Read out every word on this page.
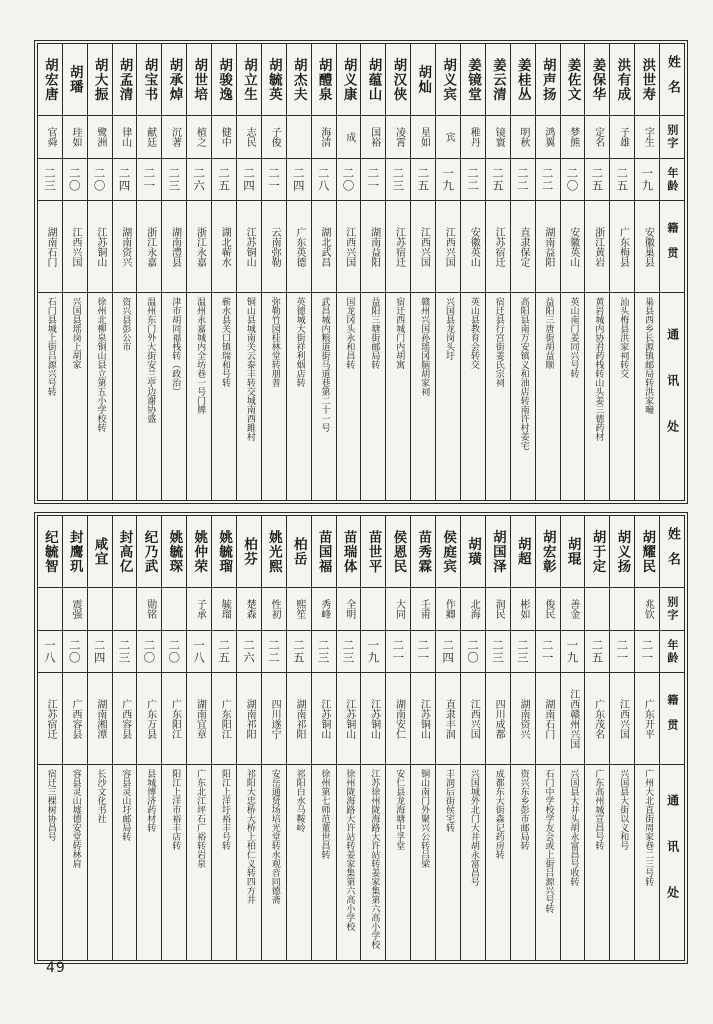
姓名
别字
年龄
籍贯
通讯处
洪世寿
字生
一九
安徽巢县
巢县西乡长源镇邮局转洪家疃
洪有成
子雄
二五
广东梅县
汕头梅县洪家祠转交
姜保华
定名
二五
浙江黄岩
黄岩城内协君药栈转山头姜三德药材
姜佐文
梦熊
二〇
安徽英山
英山南门姜同兴号转
胡声扬
鸿翼
二二
湖南益阳
益阳三唐街胡益顺
姜桂丛
明秋
二二
直隶保定
高阳县南万安镇义和油店转南许村姜宅
姜云清
镜寰
二五
江苏宿迁
宿迁县行宫街姜氏宗祠
姜镜堂
稚丹
二二
安徽英山
英山县教育会转交
胡义宾
宾
一九
江西兴国
兴国县龙岗头圩
胡灿
星如
二五
江西兴国
赣州兴国孙瑶冈脑胡家祠
胡汉侠
凌霄
二三
江苏宿迁
宿迁西城门内胡寓
胡蕴山
国裕
二一
湖南益阳
益阳三塘街邮局转
胡义康
成
二〇
江西兴国
国龙冈头永和昌转
胡醴泉
海清
二八
湖北武昌
武昌城内粮道街马道巷第二十一号
胡杰夫
二四
广东英德
英德城大街祥利烟店转
胡毓英
子俊
二一
云南弥勒
弥勒竹园桂林堂转朋普
胡立生
志民
二四
江苏铜山
铜山县城南关云泰丰转交城南西雎村
胡骏逸
健中
二五
湖北蕲水
蕲水县关口镇瑞和号转
胡世培
植之
二六
浙江永嘉
温州永嘉城内全坊巷一号门牌
胡承焯
沉著
二三
湖南澧县
津市胡同福栈转（政治）
胡宝书
献廷
二一
浙江永嘉
温州东门外大街安兰亭边谢协盛
胡孟清
律山
二四
湖南资兴
资兴县彭公市
胡大振
鹭洲
二〇
江苏铜山
徐州北柳泉铜山县立第五小学校转
胡璠
珪如
二〇
江西兴国
兴国县瑶岗上胡家
胡宏唐
官舜
二三
湖南石门
石门县城上街吕源兴号转
姓名
别字
年龄
籍贯
通讯处
胡耀民
兆钦
二一
广东开平
广州大北直街周家巷二三号转
胡义扬
二一
江西兴国
兴国县大街以义和号
胡于定
二五
广东茂名
广东高州城宣昌号转
胡琨
善金
一九
江西赣州兴国
兴国县大井头胡永富昌号收转
胡宏彰
俊民
二一
湖南石门
石门中学校学友会或上街吕源兴号转
胡超
彬如
二三
湖南资兴
资兴东乡彭市邮局转
胡国泽
润民
二三
四川成都
成都东大街森记药房转
胡璜
北海
二〇
江西兴国
兴国城外北门大井胡永富昌号
侯庭宾
作卿
二四
直隶丰润
丰润后街侯宅转
苗秀霖
壬甫
二一
江苏铜山
铜山南门外聚兴公转吕梁
侯恩民
大同
二一
湖南安仁
安仁县龙海塘中孚堂
苗世平
一九
江苏铜山
江苏徐州陇海路大许站转姜家集第六高小学校
苗瑞体
全明
二三
江苏铜山
徐州陇海路大许站转姜家集第六高小学校
苗国福
秀峰
二三
江苏铜山
徐州第七师范董世昌转
柏岳
熙笙
二五
湖南祁阳
祁阳白水马鞍岭
姚光熙
性初
二二
四川遂宁
安岳通贤场培光堂转水观音同德斋
柏芬
楚森
二六
湖南祁阳
祁阳大忠桥大桥上柏仁义转四方井
姚毓瑠
毓瑠
二五
广东阳江
阳江上洋圩裕丰号转
姚仲荣
子承
一八
湖南宜章
广东北江坪石广裕转岩泉
姚毓琛
二〇
广东阳江
阳江上洋市裕丰店转
纪乃武
勋铭
二〇
广东万县
县城博济药材转
封高亿
二三
广西容县
容县灵山圩邮局转
咸宜
二四
湖南湘潭
长沙文化书社
封鹰玑
震强
二〇
广西容县
容县灵山墟德安堂转林肩
纪毓智
一八
江苏宿迁
宿迁三棵树协昌号
49
